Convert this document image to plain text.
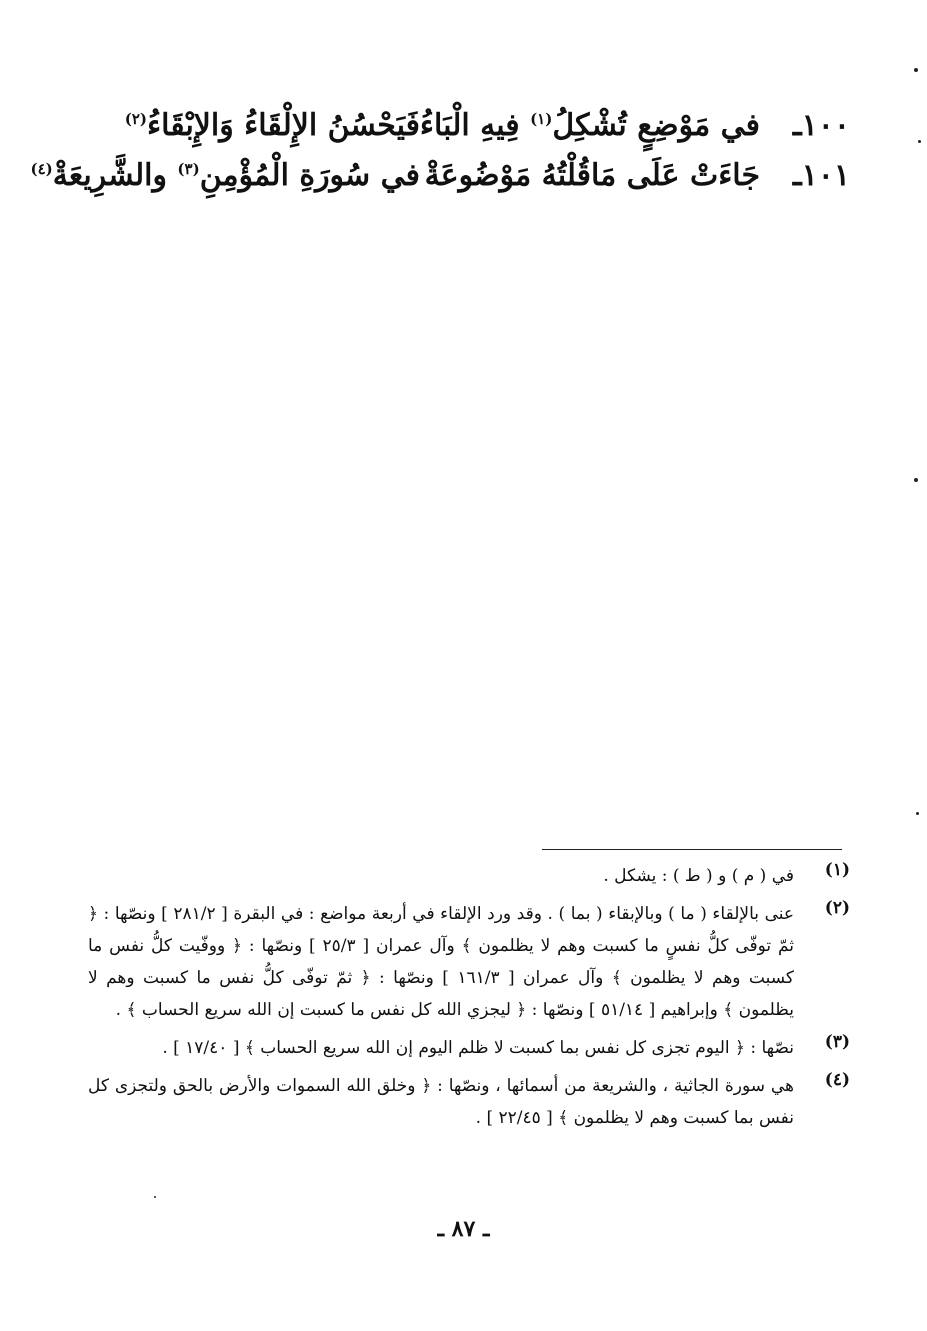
١٠٠ـ
في مَوْضِعٍ تُشْكِلُ$^{(١)}$ فِيهِ الْبَاءُ
فَيَحْسُنُ الإِلْقَاءُ وَالإِبْقَاءُ$^{(٢)}$
١٠١ـ
جَاءَتْ عَلَى مَاقُلْتُهُ مَوْضُوعَةْ
في سُورَةِ الْمُؤْمِنِ$^{(٣)}$ والشَّرِيعَةْ$^{(٤)}$
(١)
في ( م ) و ( ط ) : يشكل .
(٢)
عنى بالإلقاء ( ما ) وبالإبقاء ( بما ) . وقد ورد الإلقاء في أربعة مواضع : في البقرة [ ٢٨١/٢ ] ونصّها : ﴿ ثمّ توفّى كلُّ نفسٍ ما كسبت وهم لا يظلمون ﴾ وآل عمران [ ٢٥/٣ ] ونصّها : ﴿ ووفّيت كلُّ نفس ما كسبت وهم لا يظلمون ﴾ وآل عمران [ ١٦١/٣ ] ونصّها : ﴿ ثمّ توفّى كلُّ نفس ما كسبت وهم لا يظلمون ﴾ وإبراهيم [ ٥١/١٤ ] ونصّها : ﴿ ليجزي الله كل نفس ما كسبت إن الله سريع الحساب ﴾ .
(٣)
نصّها : ﴿ اليوم تجزى كل نفس بما كسبت لا ظلم اليوم إن الله سريع الحساب ﴾ [ ١٧/٤٠ ] .
(٤)
هي سورة الجاثية ، والشريعة من أسمائها ، ونصّها : ﴿ وخلق الله السموات والأرض بالحق ولتجزى كل نفس بما كسبت وهم لا يظلمون ﴾ [ ٢٢/٤٥ ] .
ـ ٨٧ ـ
